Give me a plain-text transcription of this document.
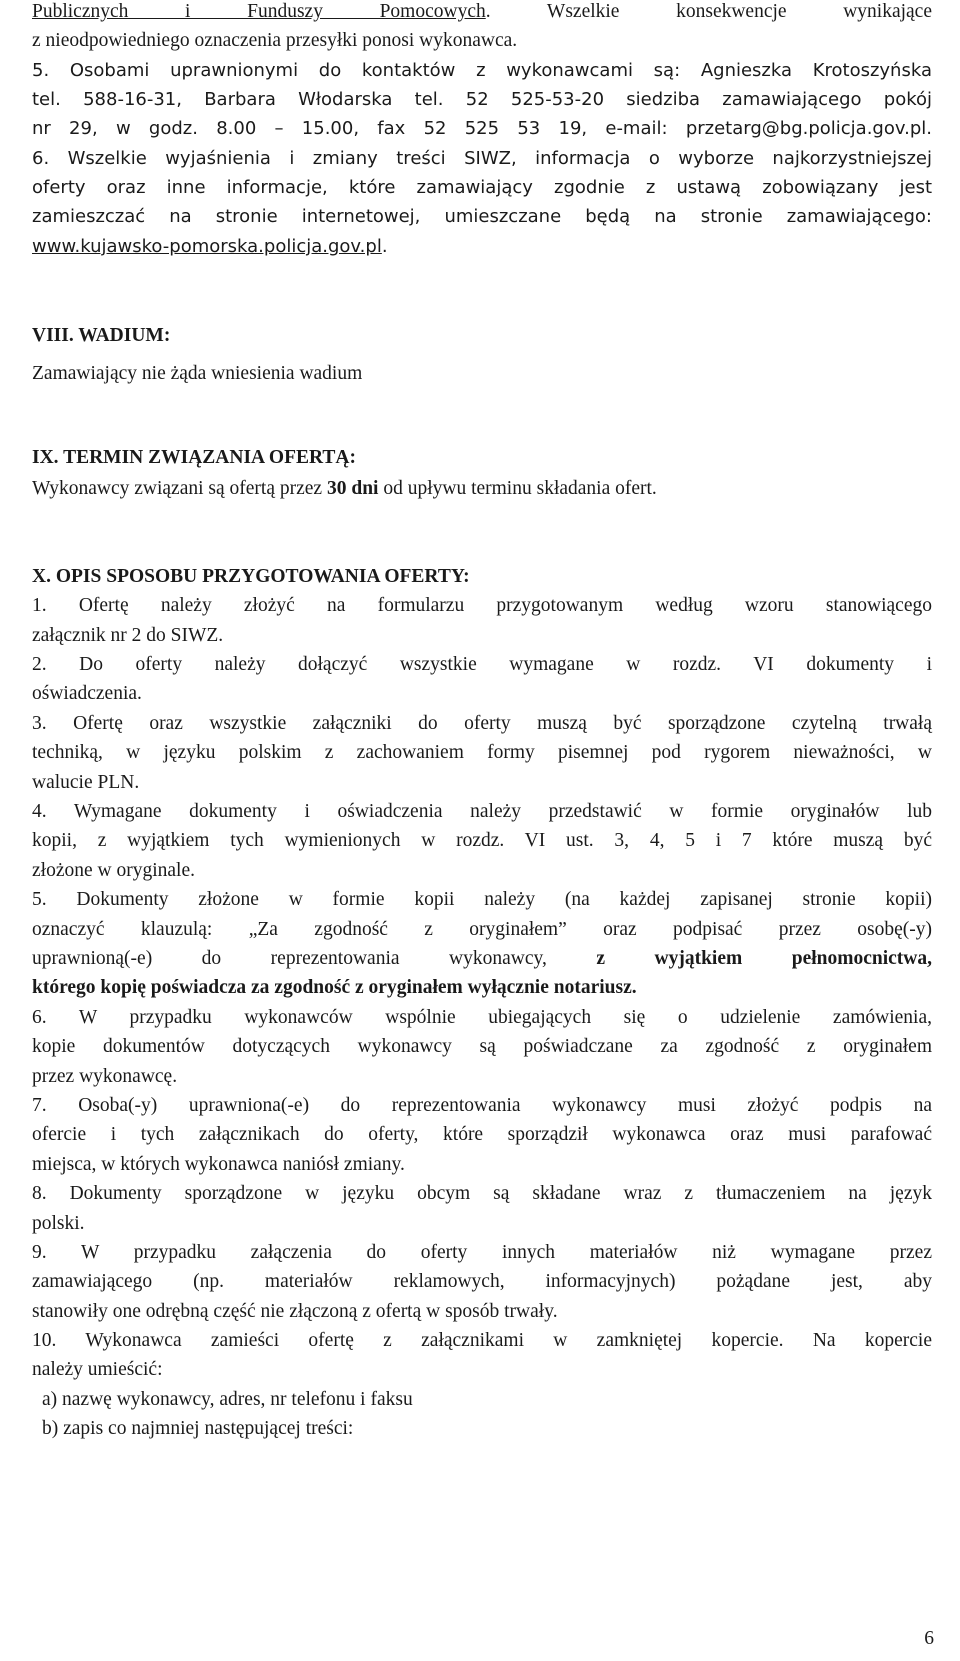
Publicznych i Funduszy Pomocowych. Wszelkie konsekwencje wynikające
z nieodpowiedniego oznaczenia przesyłki ponosi wykonawca.
5. Osobami uprawnionymi do kontaktów z wykonawcami są: Agnieszka Krotoszyńska
tel. 588-16-31, Barbara Włodarska tel. 52 525-53-20 siedziba zamawiającego pokój
nr 29, w godz. 8.00 – 15.00, fax 52 525 53 19, e-mail: przetarg@bg.policja.gov.pl.
6. Wszelkie wyjaśnienia i zmiany treści SIWZ, informacja o wyborze najkorzystniejszej
oferty oraz inne informacje, które zamawiający zgodnie z ustawą zobowiązany jest
zamieszczać na stronie internetowej, umieszczane będą na stronie zamawiającego:
www.kujawsko-pomorska.policja.gov.pl.
VIII. WADIUM:
Zamawiający nie żąda wniesienia wadium
IX. TERMIN ZWIĄZANIA OFERTĄ:
Wykonawcy związani są ofertą przez 30 dni od upływu terminu składania ofert.
X. OPIS SPOSOBU PRZYGOTOWANIA OFERTY:
1. Ofertę należy złożyć na formularzu przygotowanym według wzoru stanowiącego
załącznik nr 2 do SIWZ.
2. Do oferty należy dołączyć wszystkie wymagane w rozdz. VI dokumenty i
oświadczenia.
3. Ofertę oraz wszystkie załączniki do oferty muszą być sporządzone czytelną trwałą
techniką, w języku polskim z zachowaniem formy pisemnej pod rygorem nieważności, w
walucie PLN.
4. Wymagane dokumenty i oświadczenia należy przedstawić w formie oryginałów lub
kopii, z wyjątkiem tych wymienionych w rozdz. VI ust. 3, 4, 5 i 7 które muszą być
złożone w oryginale.
5. Dokumenty złożone w formie kopii należy (na każdej zapisanej stronie kopii)
oznaczyć klauzulą: „Za zgodność z oryginałem” oraz podpisać przez osobę(-y)
uprawnioną(-e) do reprezentowania wykonawcy, z wyjątkiem pełnomocnictwa,
którego kopię poświadcza za zgodność z oryginałem wyłącznie notariusz.
6. W przypadku wykonawców wspólnie ubiegających się o udzielenie zamówienia,
kopie dokumentów dotyczących wykonawcy są poświadczane za zgodność z oryginałem
przez wykonawcę.
7. Osoba(-y) uprawniona(-e) do reprezentowania wykonawcy musi złożyć podpis na
ofercie i tych załącznikach do oferty, które sporządził wykonawca oraz musi parafować
miejsca, w których wykonawca naniósł zmiany.
8. Dokumenty sporządzone w języku obcym są składane wraz z tłumaczeniem na język
polski.
9. W przypadku załączenia do oferty innych materiałów niż wymagane przez
zamawiającego (np. materiałów reklamowych, informacyjnych) pożądane jest, aby
stanowiły one odrębną część nie złączoną z ofertą w sposób trwały.
10. Wykonawca zamieści ofertę z załącznikami w zamkniętej kopercie. Na kopercie
należy umieścić:
a) nazwę wykonawcy, adres, nr telefonu i faksu
b) zapis co najmniej następującej treści:
6
